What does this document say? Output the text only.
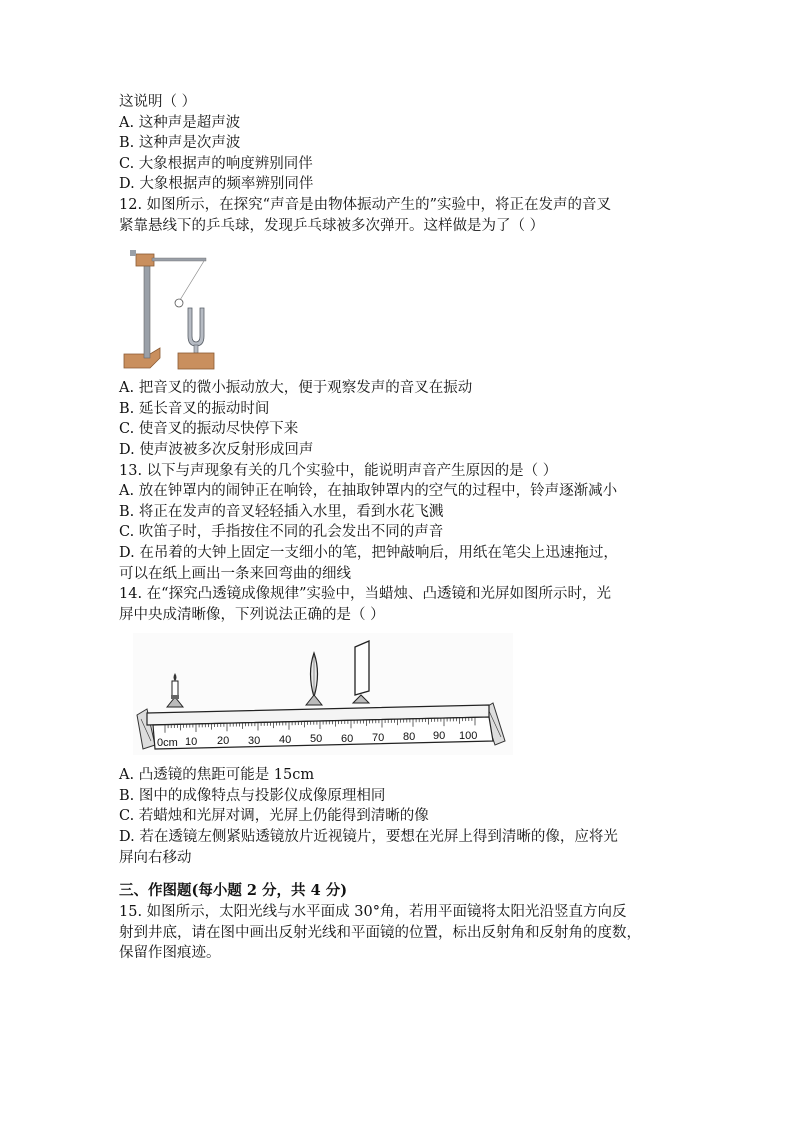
这说明（ ）
A. 这种声是超声波
B. 这种声是次声波
C. 大象根据声的响度辨别同伴
D. 大象根据声的频率辨别同伴
12. 如图所示，在探究“声音是由物体振动产生的”实验中，将正在发声的音叉
紧靠悬线下的乒乓球，发现乒乓球被多次弹开。这样做是为了（ ）
A. 把音叉的微小振动放大，便于观察发声的音叉在振动
B. 延长音叉的振动时间
C. 使音叉的振动尽快停下来
D. 使声波被多次反射形成回声
13. 以下与声现象有关的几个实验中，能说明声音产生原因的是（ ）
A. 放在钟罩内的闹钟正在响铃，在抽取钟罩内的空气的过程中，铃声逐渐减小
B. 将正在发声的音叉轻轻插入水里，看到水花飞溅
C. 吹笛子时，手指按住不同的孔会发出不同的声音
D. 在吊着的大钟上固定一支细小的笔，把钟敲响后，用纸在笔尖上迅速拖过，
可以在纸上画出一条来回弯曲的细线
14. 在“探究凸透镜成像规律”实验中，当蜡烛、凸透镜和光屏如图所示时，光
屏中央成清晰像，下列说法正确的是（ ）
0cm 10 20 30 40 50 60 70 80 90 100
A. 凸透镜的焦距可能是 15cm
B. 图中的成像特点与投影仪成像原理相同
C. 若蜡烛和光屏对调，光屏上仍能得到清晰的像
D. 若在透镜左侧紧贴透镜放片近视镜片，要想在光屏上得到清晰的像，应将光
屏向右移动
三、作图题(每小题 2 分，共 4 分)
15. 如图所示，太阳光线与水平面成 30°角，若用平面镜将太阳光沿竖直方向反
射到井底，请在图中画出反射光线和平面镜的位置，标出反射角和反射角的度数，
保留作图痕迹。
